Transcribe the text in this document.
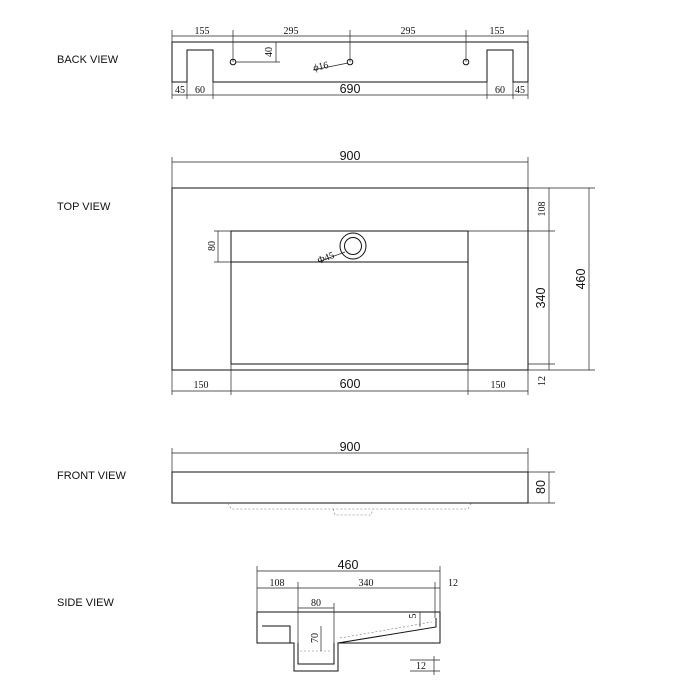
BACK VIEW
TOP VIEW
FRONT VIEW
SIDE VIEW
155	295	295	155
40
ϕ16
45 60	690	60 45
900
108
340
12
460
80
Φ45
150	600	150
900
80
460
108	340	12
80
5
70
12
